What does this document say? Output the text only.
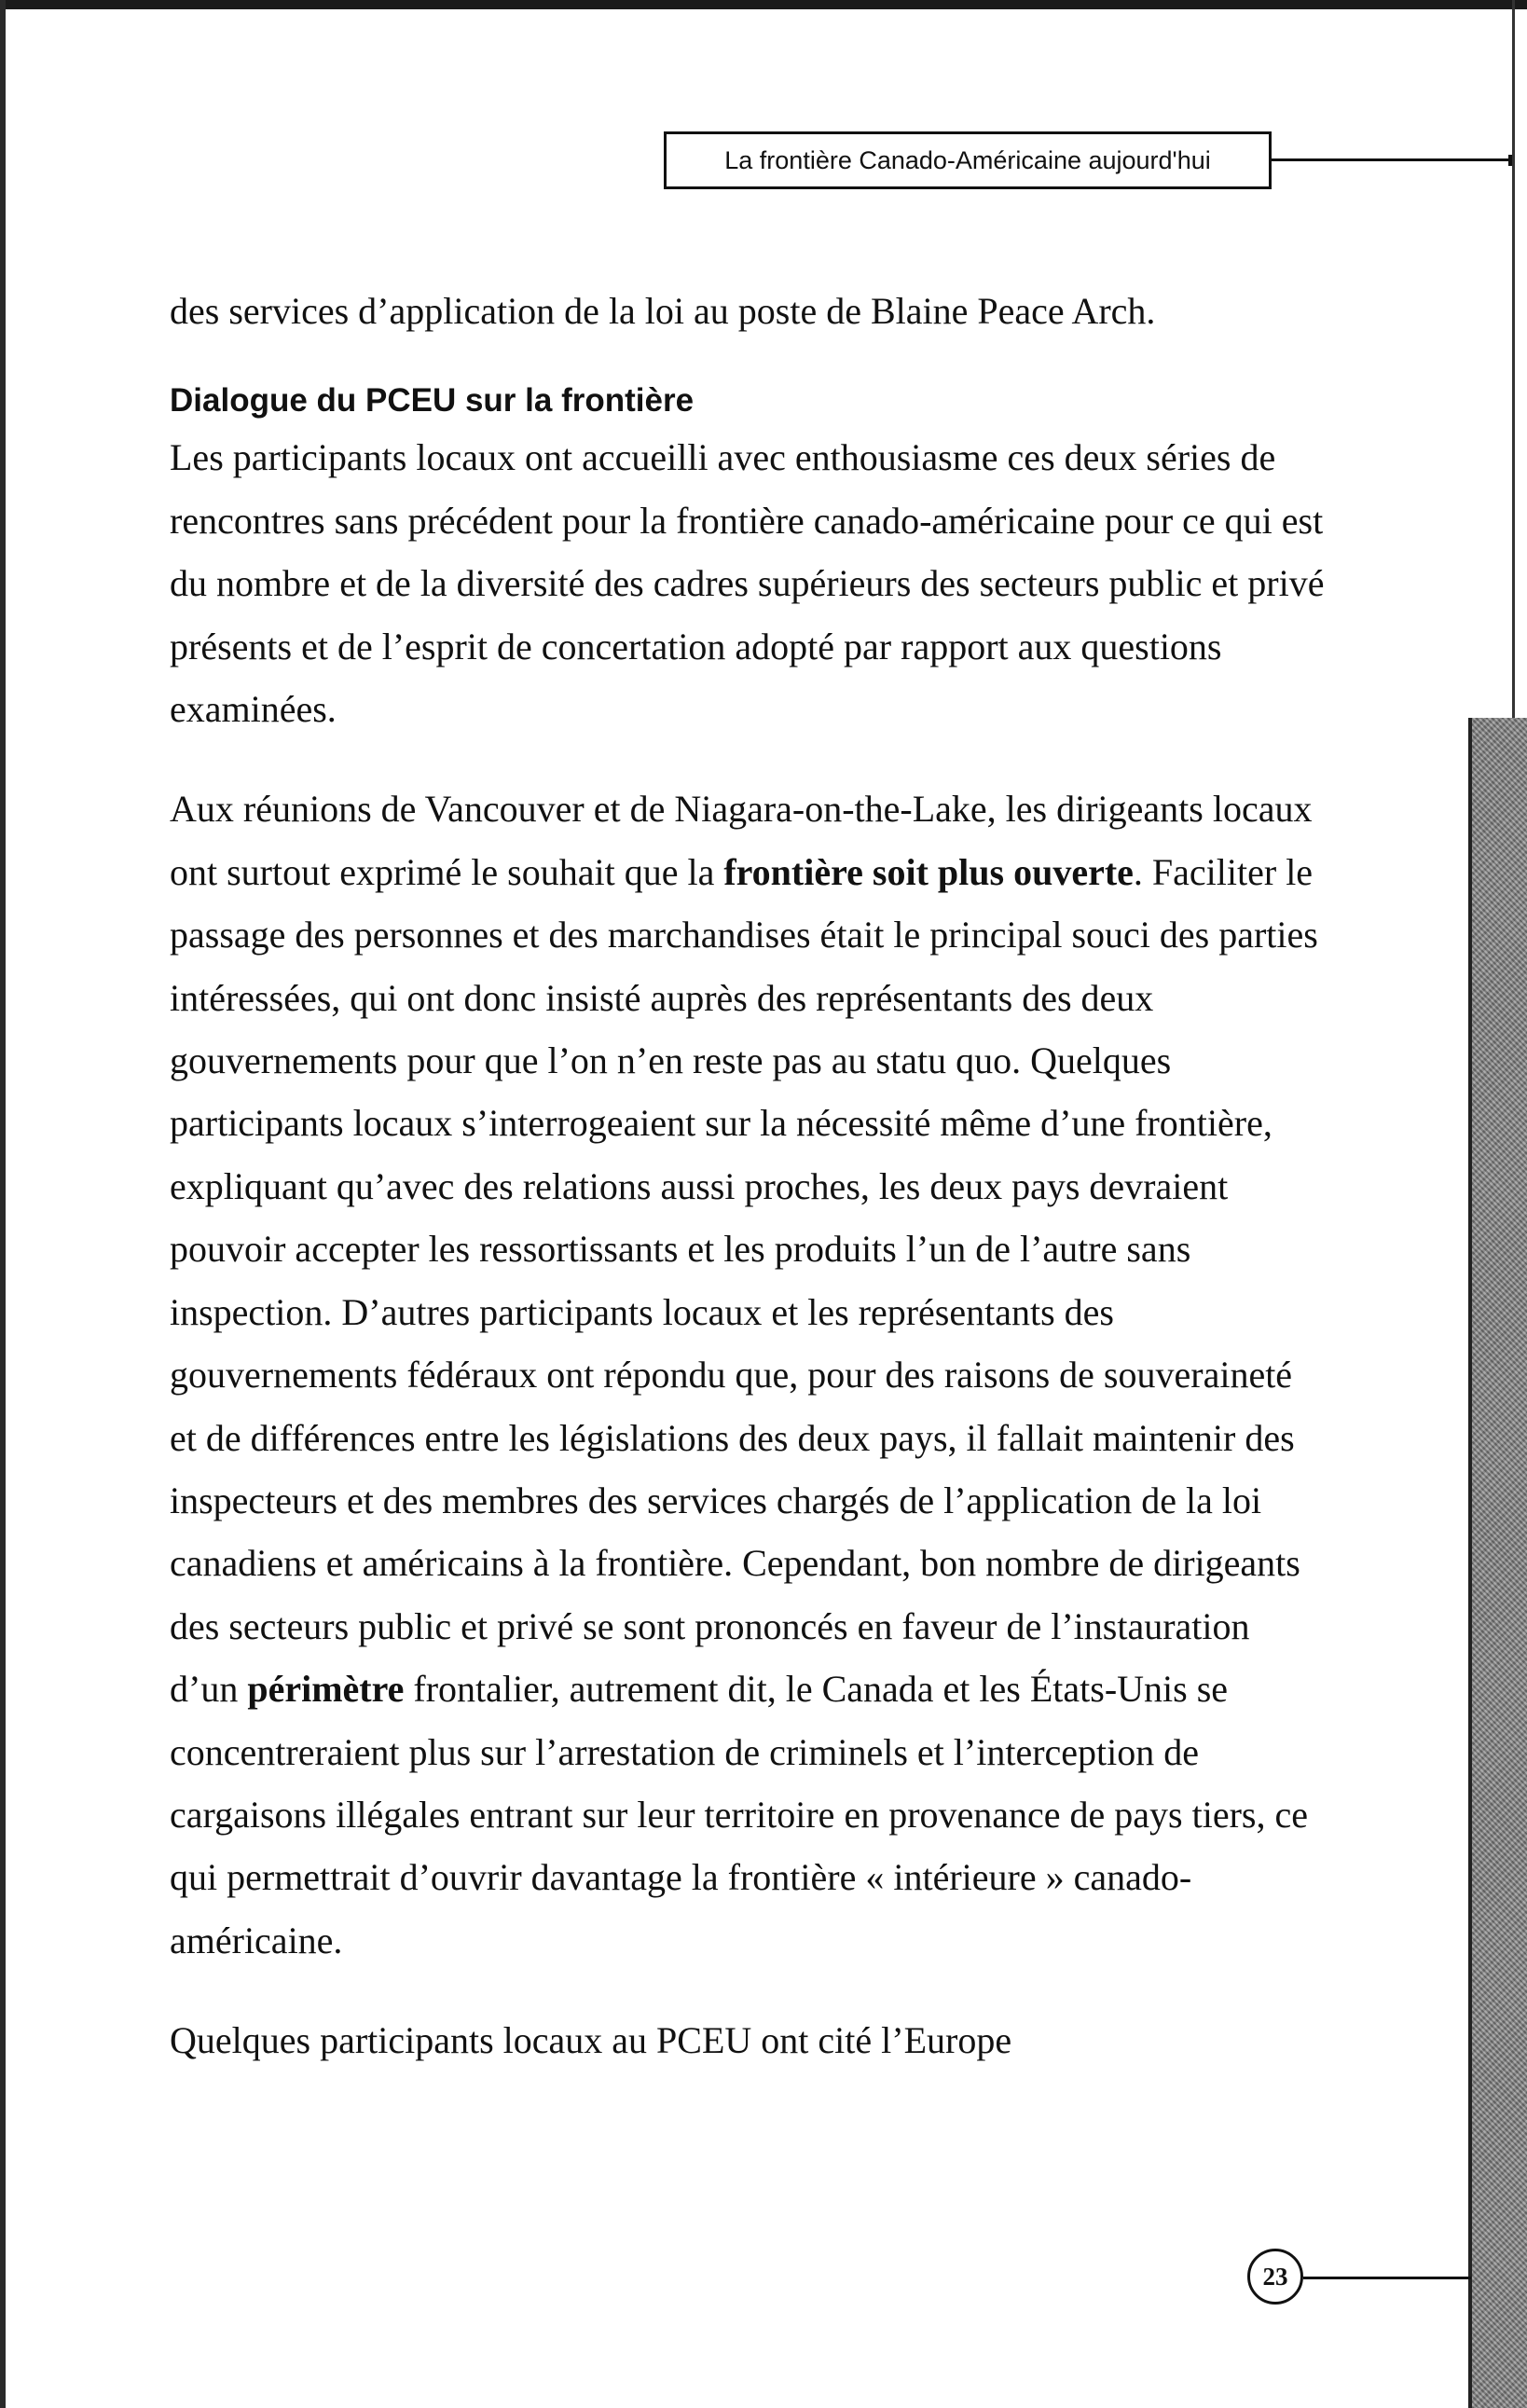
La frontière Canado-Américaine aujourd'hui

des services d’application de la loi au poste de Blaine Peace Arch.

Dialogue du PCEU sur la frontière

Les participants locaux ont accueilli avec enthousiasme ces deux séries de rencontres sans précédent pour la frontière canado-américaine pour ce qui est du nombre et de la diversité des cadres supérieurs des secteurs public et privé présents et de l’esprit de concertation adopté par rapport aux questions examinées.

Aux réunions de Vancouver et de Niagara-on-the-Lake, les dirigeants locaux ont surtout exprimé le souhait que la frontière soit plus ouverte. Faciliter le passage des personnes et des marchandises était le principal souci des parties intéressées, qui ont donc insisté auprès des représentants des deux gouvernements pour que l’on n’en reste pas au statu quo. Quelques participants locaux s’interrogeaient sur la nécessité même d’une frontière, expliquant qu’avec des relations aussi proches, les deux pays devraient pouvoir accepter les ressortissants et les produits l’un de l’autre sans inspection. D’autres participants locaux et les représentants des gouvernements fédéraux ont répondu que, pour des raisons de souveraineté et de différences entre les législations des deux pays, il fallait maintenir des inspecteurs et des membres des services chargés de l’application de la loi canadiens et américains à la frontière. Cependant, bon nombre de dirigeants des secteurs public et privé se sont prononcés en faveur de l’instauration d’un périmètre frontalier, autrement dit, le Canada et les États-Unis se concentreraient plus sur l’arrestation de criminels et l’interception de cargaisons illégales entrant sur leur territoire en provenance de pays tiers, ce qui permettrait d’ouvrir davantage la frontière « intérieure » canado-américaine.

Quelques participants locaux au PCEU ont cité l’Europe

23
